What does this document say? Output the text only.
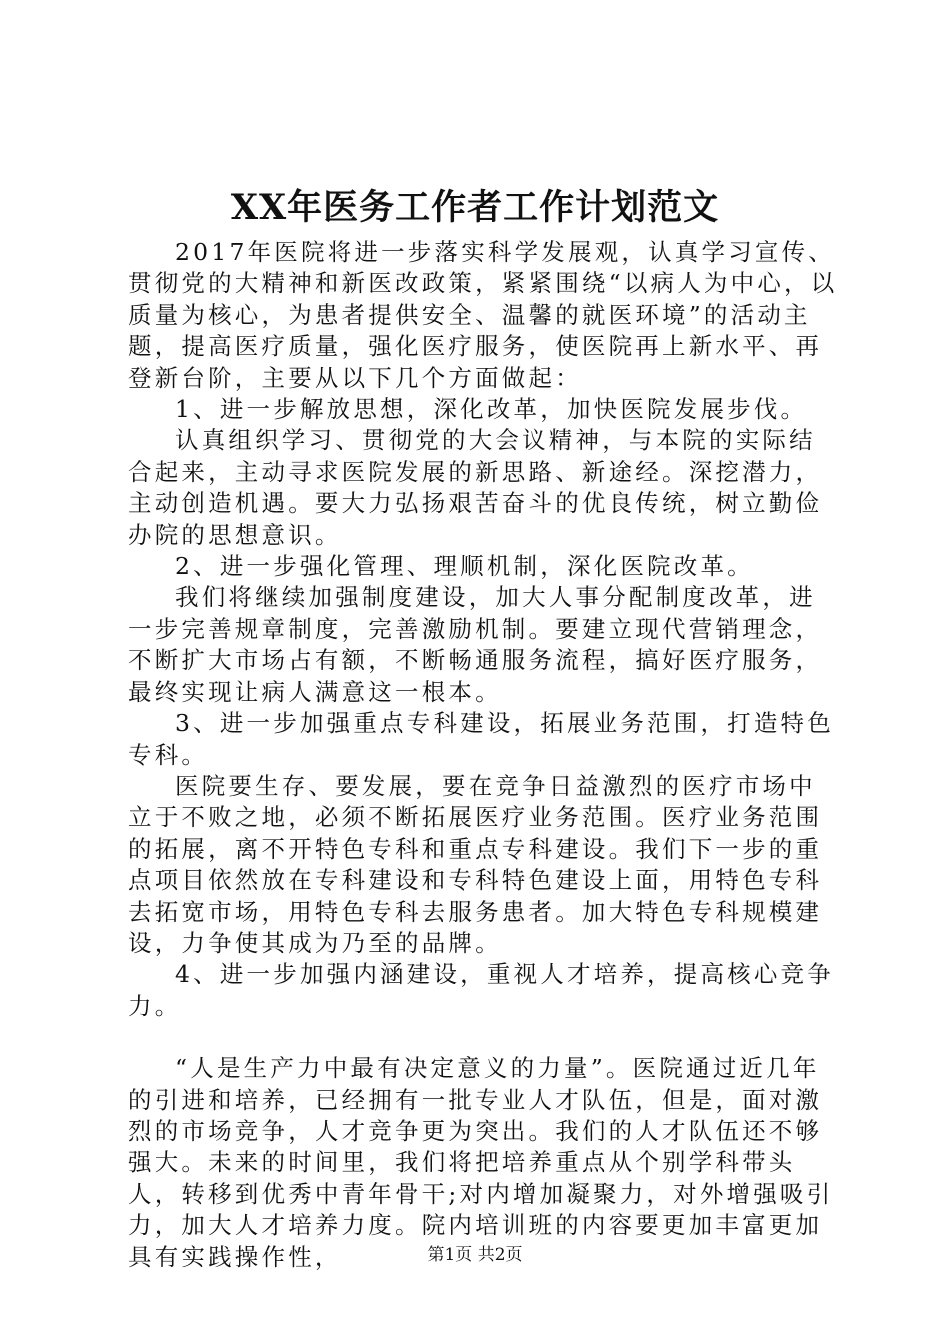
XX年医务工作者工作计划范文

2017年医院将进一步落实科学发展观，认真学习宣传、贯彻党的大精神和新医改政策，紧紧围绕“以病人为中心，以质量为核心，为患者提供安全、温馨的就医环境”的活动主题，提高医疗质量，强化医疗服务，使医院再上新水平、再登新台阶，主要从以下几个方面做起：

1、进一步解放思想，深化改革，加快医院发展步伐。

认真组织学习、贯彻党的大会议精神，与本院的实际结合起来，主动寻求医院发展的新思路、新途经。深挖潜力，主动创造机遇。要大力弘扬艰苦奋斗的优良传统，树立勤俭办院的思想意识。

2、进一步强化管理、理顺机制，深化医院改革。

我们将继续加强制度建设，加大人事分配制度改革，进一步完善规章制度，完善激励机制。要建立现代营销理念，不断扩大市场占有额，不断畅通服务流程，搞好医疗服务，最终实现让病人满意这一根本。

3、进一步加强重点专科建设，拓展业务范围，打造特色专科。

医院要生存、要发展，要在竞争日益激烈的医疗市场中立于不败之地，必须不断拓展医疗业务范围。医疗业务范围的拓展，离不开特色专科和重点专科建设。我们下一步的重点项目依然放在专科建设和专科特色建设上面，用特色专科去拓宽市场，用特色专科去服务患者。加大特色专科规模建设，力争使其成为乃至的品牌。

4、进一步加强内涵建设，重视人才培养，提高核心竞争力。

“人是生产力中最有决定意义的力量”。医院通过近几年的引进和培养，已经拥有一批专业人才队伍，但是，面对激烈的市场竞争，人才竞争更为突出。我们的人才队伍还不够强大。未来的时间里，我们将把培养重点从个别学科带头人，转移到优秀中青年骨干;对内增加凝聚力，对外增强吸引力，加大人才培养力度。院内培训班的内容要更加丰富更加具有实践操作性，	第1页 共2页
